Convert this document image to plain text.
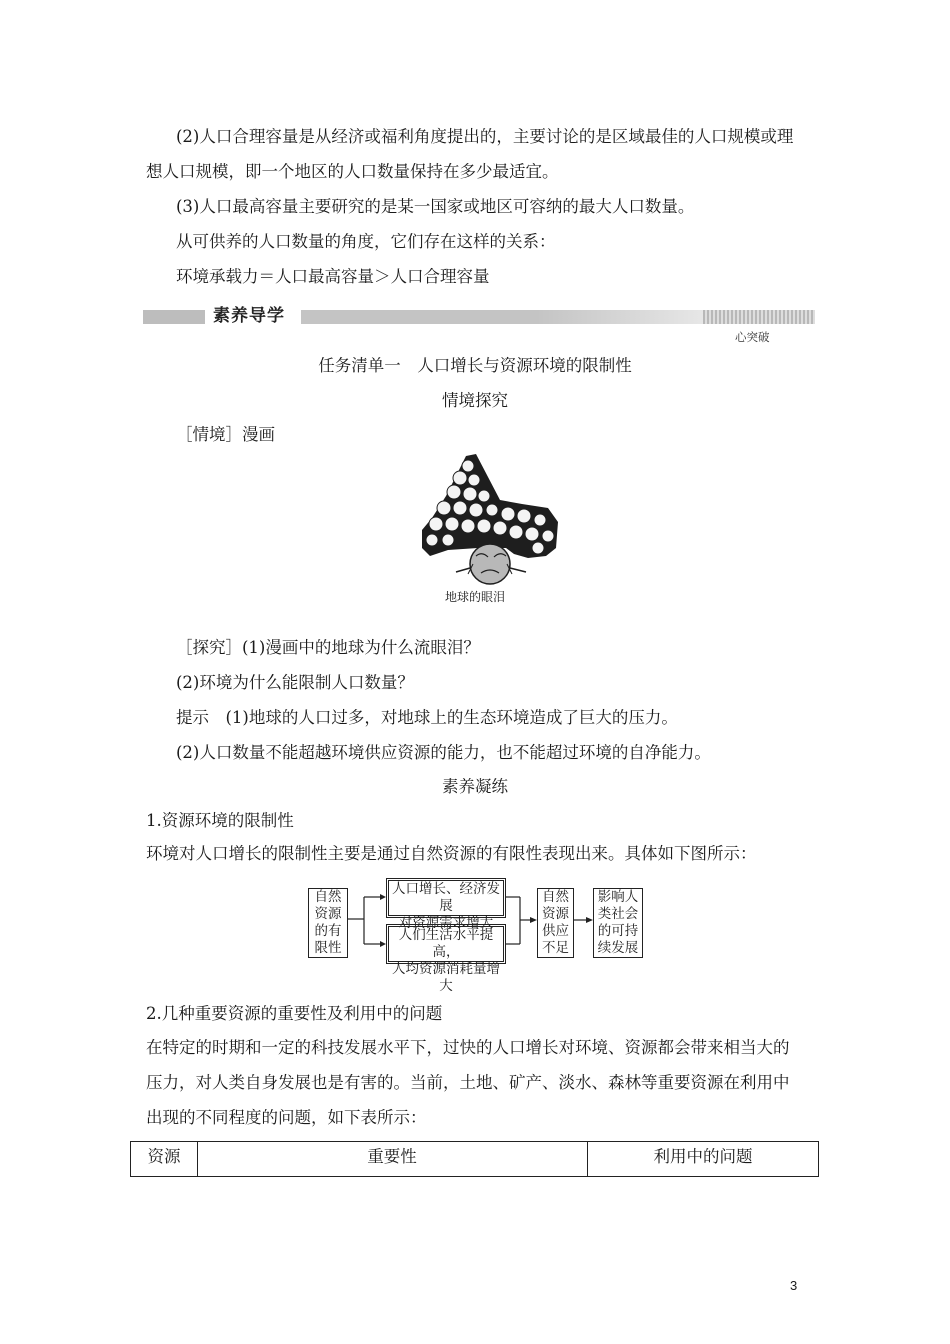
(2)人口合理容量是从经济或福利角度提出的，主要讨论的是区域最佳的人口规模或理
想人口规模，即一个地区的人口数量保持在多少最适宜。
(3)人口最高容量主要研究的是某一国家或地区可容纳的最大人口数量。
从可供养的人口数量的角度，它们存在这样的关系：
环境承载力＝人口最高容量＞人口合理容量
素养导学
　心突破
任务清单一　人口增长与资源环境的限制性
情境探究
［情境］漫画
地球的眼泪
［探究］(1)漫画中的地球为什么流眼泪？
(2)环境为什么能限制人口数量？
提示　(1)地球的人口过多，对地球上的生态环境造成了巨大的压力。
(2)人口数量不能超越环境供应资源的能力，也不能超过环境的自净能力。
素养凝练
1.资源环境的限制性
环境对人口增长的限制性主要是通过自然资源的有限性表现出来。具体如下图所示：
自然
资源
的有
限性
人口增长、经济发展
对资源需求增大
人们生活水平提高，
人均资源消耗量增大
自然
资源
供应
不足
影响人
类社会
的可持
续发展
2.几种重要资源的重要性及利用中的问题
在特定的时期和一定的科技发展水平下，过快的人口增长对环境、资源都会带来相当大的
压力，对人类自身发展也是有害的。当前，土地、矿产、淡水、森林等重要资源在利用中
出现的不同程度的问题，如下表所示：
资源	重要性	利用中的问题
3
